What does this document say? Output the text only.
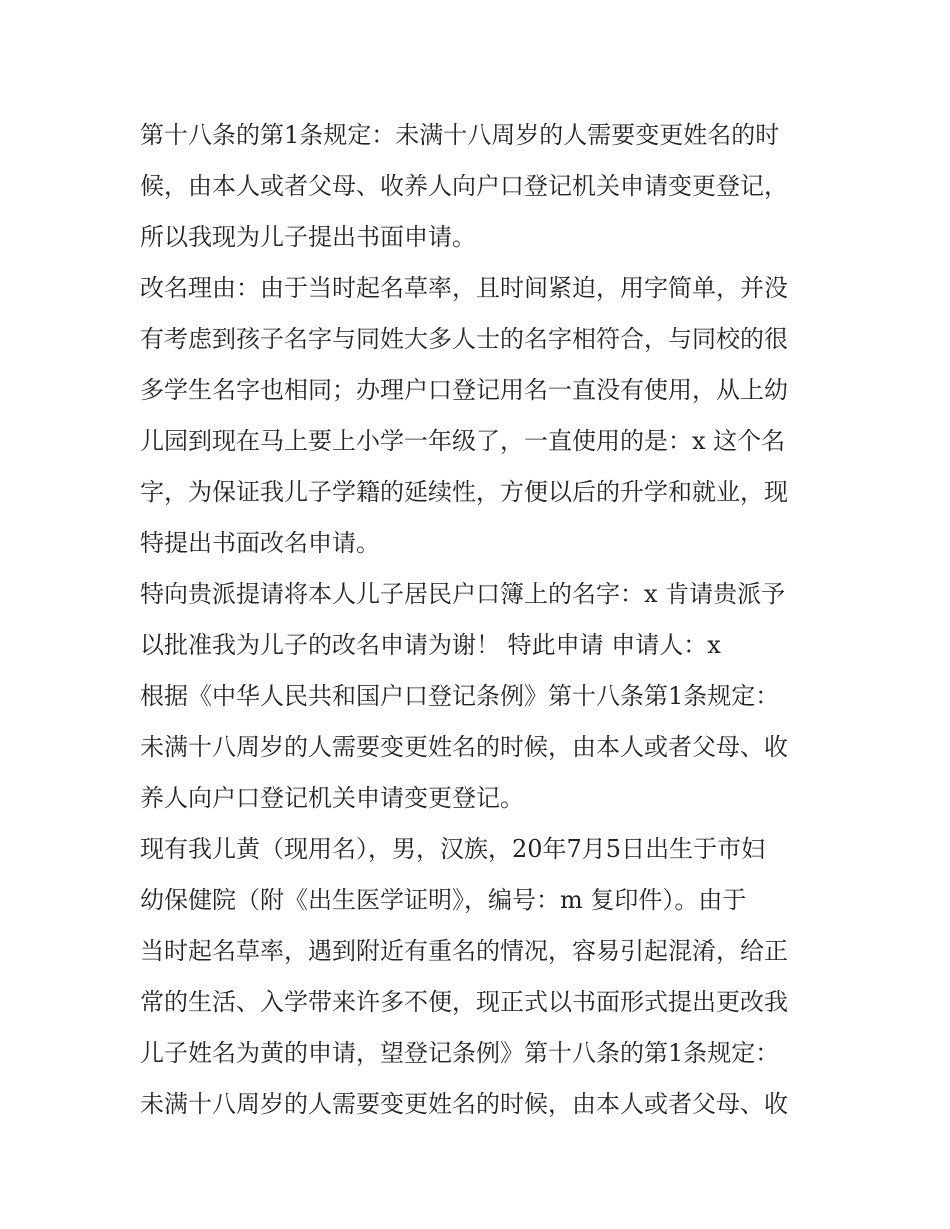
第十八条的第1条规定：未满十八周岁的人需要变更姓名的时
候，由本人或者父母、收养人向户口登记机关申请变更登记，
所以我现为儿子提出书面申请。
改名理由：由于当时起名草率，且时间紧迫，用字简单，并没
有考虑到孩子名字与同姓大多人士的名字相符合，与同校的很
多学生名字也相同；办理户口登记用名一直没有使用，从上幼
儿园到现在马上要上小学一年级了，一直使用的是：x 这个名
字，为保证我儿子学籍的延续性，方便以后的升学和就业，现
特提出书面改名申请。
特向贵派提请将本人儿子居民户口簿上的名字：x 肯请贵派予
以批准我为儿子的改名申请为谢！ 特此申请 申请人：x
根据《中华人民共和国户口登记条例》第十八条第1条规定：
未满十八周岁的人需要变更姓名的时候，由本人或者父母、收
养人向户口登记机关申请变更登记。
现有我儿黄（现用名），男，汉族，20年7月5日出生于市妇
幼保健院（附《出生医学证明》，编号：m 复印件）。由于
当时起名草率，遇到附近有重名的情况，容易引起混淆，给正
常的生活、入学带来许多不便，现正式以书面形式提出更改我
儿子姓名为黄的申请，望登记条例》第十八条的第1条规定：
未满十八周岁的人需要变更姓名的时候，由本人或者父母、收
